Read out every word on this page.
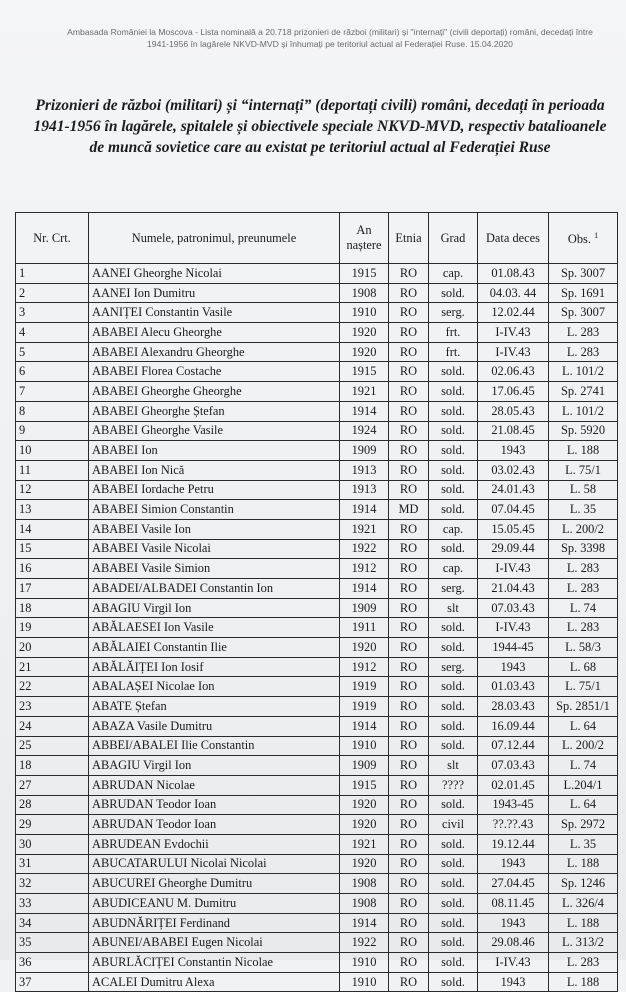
Ambasada României la Moscova - Lista nominală a 20.718 prizonieri de război (militari) și "internați" (civili deportați) români, decedați între 1941-1956 în lagărele NKVD-MVD și înhumați pe teritoriul actual al Federației Ruse. 15.04.2020
Prizonieri de război (militari) și “internați” (deportați civili) români, decedați în perioada 1941-1956 în lagărele, spitalele și obiectivele speciale NKVD-MVD, respectiv batalioanele de muncă sovietice care au existat pe teritoriul actual al Federației Ruse
Nr. Crt.	Numele, patronimul, preunumele	An naștere	Etnia	Grad	Data deces	Obs. $^1$
1	AANEI Gheorghe Nicolai	1915	RO	cap.	01.08.43	Sp. 3007
2	AANEI Ion Dumitru	1908	RO	sold.	04.03. 44	Sp. 1691
3	AANIȚEI Constantin Vasile	1910	RO	serg.	12.02.44	Sp. 3007
4	ABABEI Alecu Gheorghe	1920	RO	frt.	I-IV.43	L. 283
5	ABABEI Alexandru Gheorghe	1920	RO	frt.	I-IV.43	L. 283
6	ABABEI Florea Costache	1915	RO	sold.	02.06.43	L. 101/2
7	ABABEI Gheorghe Gheorghe	1921	RO	sold.	17.06.45	Sp. 2741
8	ABABEI Gheorghe Ștefan	1914	RO	sold.	28.05.43	L. 101/2
9	ABABEI Gheorghe Vasile	1924	RO	sold.	21.08.45	Sp. 5920
10	ABABEI Ion	1909	RO	sold.	1943	L. 188
11	ABABEI Ion Nică	1913	RO	sold.	03.02.43	L. 75/1
12	ABABEI Iordache Petru	1913	RO	sold.	24.01.43	L. 58
13	ABABEI Simion Constantin	1914	MD	sold.	07.04.45	L. 35
14	ABABEI Vasile Ion	1921	RO	cap.	15.05.45	L. 200/2
15	ABABEI Vasile Nicolai	1922	RO	sold.	29.09.44	Sp. 3398
16	ABABEI Vasile Simion	1912	RO	cap.	I-IV.43	L. 283
17	ABADEI/ALBADEI Constantin Ion	1914	RO	serg.	21.04.43	L. 283
18	ABAGIU Virgil Ion	1909	RO	slt	07.03.43	L. 74
19	ABĂLAESEI Ion Vasile	1911	RO	sold.	I-IV.43	L. 283
20	ABĂLAIEI Constantin Ilie	1920	RO	sold.	1944-45	L. 58/3
21	ABĂLĂIȚEI Ion Iosif	1912	RO	serg.	1943	L. 68
22	ABALAȘEI Nicolae Ion	1919	RO	sold.	01.03.43	L. 75/1
23	ABATE Ștefan	1919	RO	sold.	28.03.43	Sp. 2851/1
24	ABAZA Vasile Dumitru	1914	RO	sold.	16.09.44	L. 64
25	ABBEI/ABALEI Ilie Constantin	1910	RO	sold.	07.12.44	L. 200/2
18	ABAGIU Virgil Ion	1909	RO	slt	07.03.43	L. 74
27	ABRUDAN Nicolae	1915	RO	????	02.01.45	L.204/1
28	ABRUDAN Teodor Ioan	1920	RO	sold.	1943-45	L. 64
29	ABRUDAN Teodor Ioan	1920	RO	civil	??.??.43	Sp. 2972
30	ABRUDEAN Evdochii	1921	RO	sold.	19.12.44	L. 35
31	ABUCATARULUI Nicolai Nicolai	1920	RO	sold.	1943	L. 188
32	ABUCUREI Gheorghe Dumitru	1908	RO	sold.	27.04.45	Sp. 1246
33	ABUDICEANU M. Dumitru	1908	RO	sold.	08.11.45	L. 326/4
34	ABUDNĂRIȚEI Ferdinand	1914	RO	sold.	1943	L. 188
35	ABUNEI/ABABEI Eugen Nicolai	1922	RO	sold.	29.08.46	L. 313/2
36	ABURLĂCIȚEI Constantin Nicolae	1910	RO	sold.	I-IV.43	L. 283
37	ACALEI Dumitru Alexa	1910	RO	sold.	1943	L. 188
